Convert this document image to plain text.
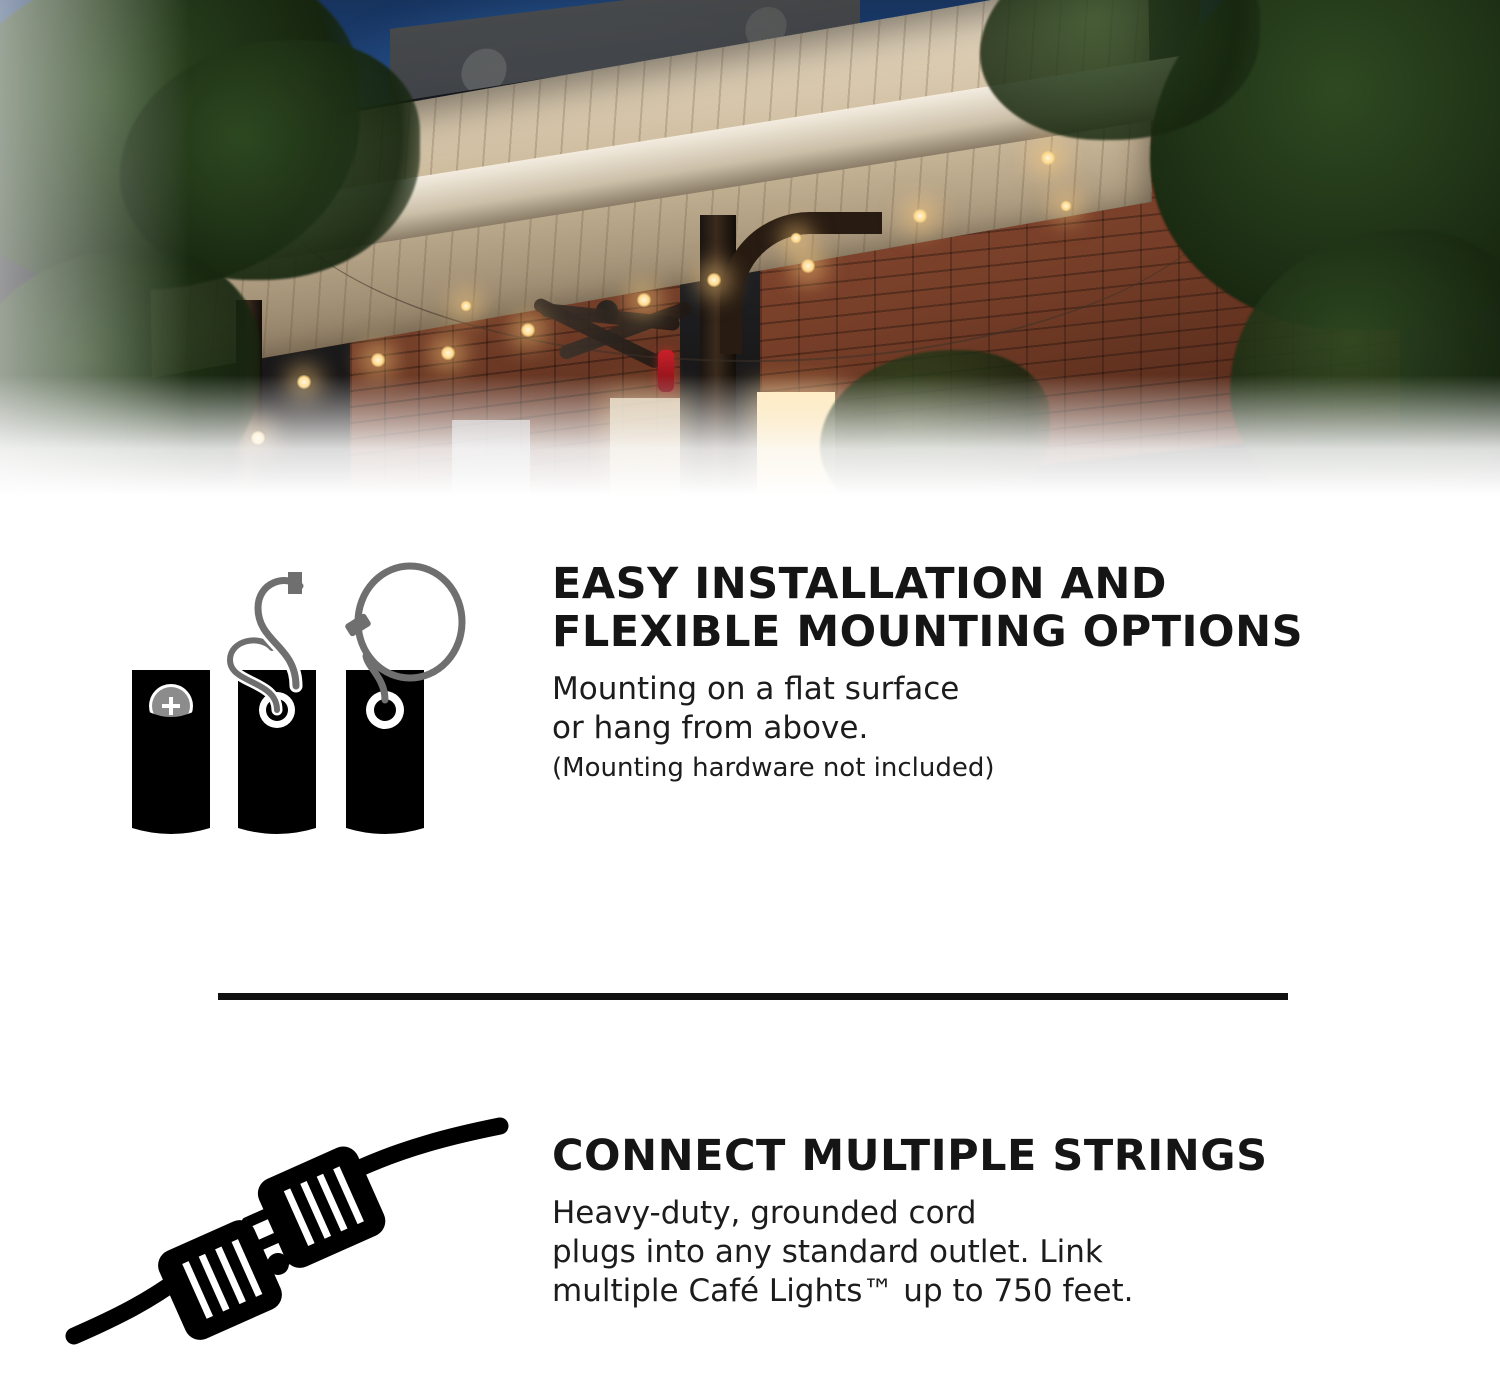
EASY INSTALLATION AND
FLEXIBLE MOUNTING OPTIONS
Mounting on a flat surface
or hang from above.
(Mounting hardware not included)
CONNECT MULTIPLE STRINGS
Heavy-duty, grounded cord
plugs into any standard outlet. Link
multiple Café Lights™ up to 750 feet.
